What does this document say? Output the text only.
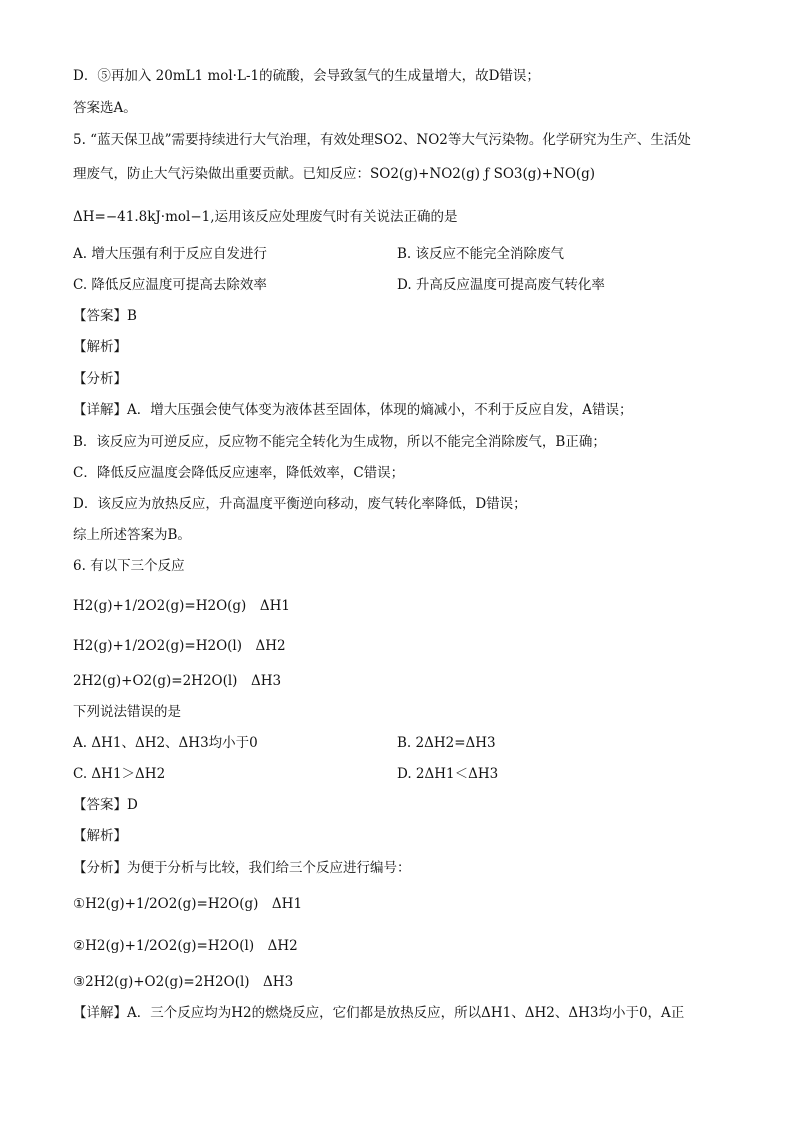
D．⑤再加入 20mL1 mol·L-1的硫酸，会导致氢气的生成量增大，故D错误；
答案选A。
5. “蓝天保卫战”需要持续进行大气治理，有效处理SO2、NO2等大气污染物。化学研究为生产、生活处
理废气，防止大气污染做出重要贡献。已知反应：SO2(g)+NO2(g) ƒ SO3(g)+NO(g)
ΔH=−41.8kJ·mol−1,运用该反应处理废气时有关说法正确的是
A. 增大压强有利于反应自发进行	B. 该反应不能完全消除废气
C. 降低反应温度可提高去除效率	D. 升高反应温度可提高废气转化率
【答案】B
【解析】
【分析】
【详解】A．增大压强会使气体变为液体甚至固体，体现的熵减小，不利于反应自发，A错误；
B．该反应为可逆反应，反应物不能完全转化为生成物，所以不能完全消除废气，B正确；
C．降低反应温度会降低反应速率，降低效率，C错误；
D．该反应为放热反应，升高温度平衡逆向移动，废气转化率降低，D错误；
综上所述答案为B。
6. 有以下三个反应
H2(g)+1/2O2(g)=H2O(g)　ΔH1
H2(g)+1/2O2(g)=H2O(l)　ΔH2
2H2(g)+O2(g)=2H2O(l)　ΔH3
下列说法错误的是
A. ΔH1、ΔH2、ΔH3均小于0	B. 2ΔH2=ΔH3
C. ΔH1＞ΔH2	D. 2ΔH1＜ΔH3
【答案】D
【解析】
【分析】为便于分析与比较，我们给三个反应进行编号：
①H2(g)+1/2O2(g)=H2O(g)　ΔH1
②H2(g)+1/2O2(g)=H2O(l)　ΔH2
③2H2(g)+O2(g)=2H2O(l)　ΔH3
【详解】A．三个反应均为H2的燃烧反应，它们都是放热反应，所以ΔH1、ΔH2、ΔH3均小于0，A正
